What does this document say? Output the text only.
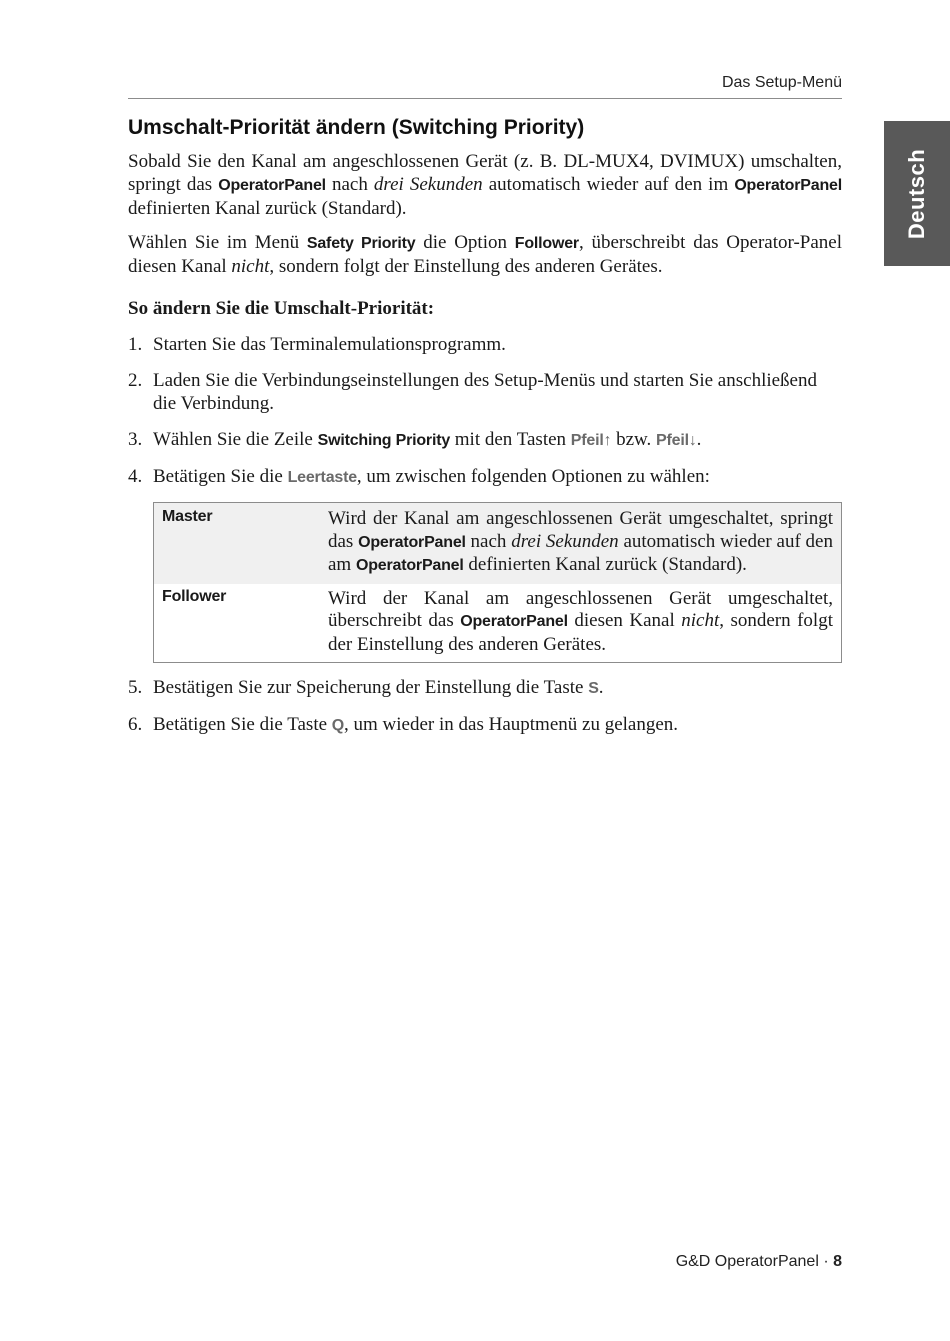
Das Setup-Menü
Deutsch
Umschalt-Priorität ändern (Switching Priority)

Sobald Sie den Kanal am angeschlossenen Gerät (z. B. DL-MUX4, DVIMUX) umschalten, springt das OperatorPanel nach drei Sekunden automatisch wieder auf den im OperatorPanel definierten Kanal zurück (Standard).

Wählen Sie im Menü Safety Priority die Option Follower, überschreibt das Operator-Panel diesen Kanal nicht, sondern folgt der Einstellung des anderen Gerätes.

So ändern Sie die Umschalt-Priorität:
1. Starten Sie das Terminalemulationsprogramm.
2. Laden Sie die Verbindungseinstellungen des Setup-Menüs und starten Sie anschließend die Verbindung.
3. Wählen Sie die Zeile Switching Priority mit den Tasten Pfeil↑ bzw. Pfeil↓.
4. Betätigen Sie die Leertaste, um zwischen folgenden Optionen zu wählen:
Master	Wird der Kanal am angeschlossenen Gerät umgeschaltet, springt das OperatorPanel nach drei Sekunden automatisch wieder auf den am OperatorPanel definierten Kanal zurück (Standard).
Follower	Wird der Kanal am angeschlossenen Gerät umgeschaltet, überschreibt das OperatorPanel diesen Kanal nicht, sondern folgt der Einstellung des anderen Gerätes.
5. Bestätigen Sie zur Speicherung der Einstellung die Taste S.
6. Betätigen Sie die Taste Q, um wieder in das Hauptmenü zu gelangen.
G&D OperatorPanel · 8
